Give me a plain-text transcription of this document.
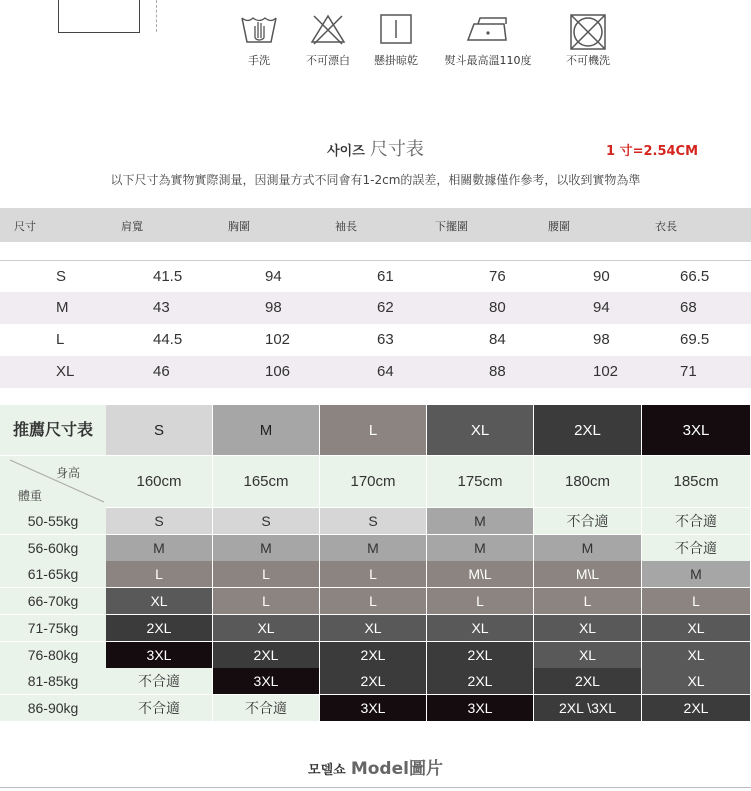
手洗	不可漂白	懸掛晾乾	熨斗最高溫110度	不可機洗
사이즈 尺寸表	1 寸=2.54CM
以下尺寸為實物實際測量，因測量方式不同會有1-2cm的誤差，相關數據僅作參考，以收到實物為準
尺寸	肩寬	胸圍	袖長	下擺圍	腰圍	衣長
S	41.5	94	61	76	90	66.5
M	43	98	62	80	94	68
L	44.5	102	63	84	98	69.5
XL	46	106	64	88	102	71
推薦尺寸表
身高
體重
S	M	L	XL	2XL	3XL
160cm	165cm	170cm	175cm	180cm	185cm
50-55kg	S	S	S	M	不合適	不合適
56-60kg	M	M	M	M	M	不合適
61-65kg	L	L	L	M\L	M\L	M
66-70kg	XL	L	L	L	L	L
71-75kg	2XL	XL	XL	XL	XL	XL
76-80kg	3XL	2XL	2XL	2XL	XL	XL
81-85kg	不合適	3XL	2XL	2XL	2XL	XL
86-90kg	不合適	不合適	3XL	3XL	2XL \3XL	2XL
모델쇼 Model圖片
